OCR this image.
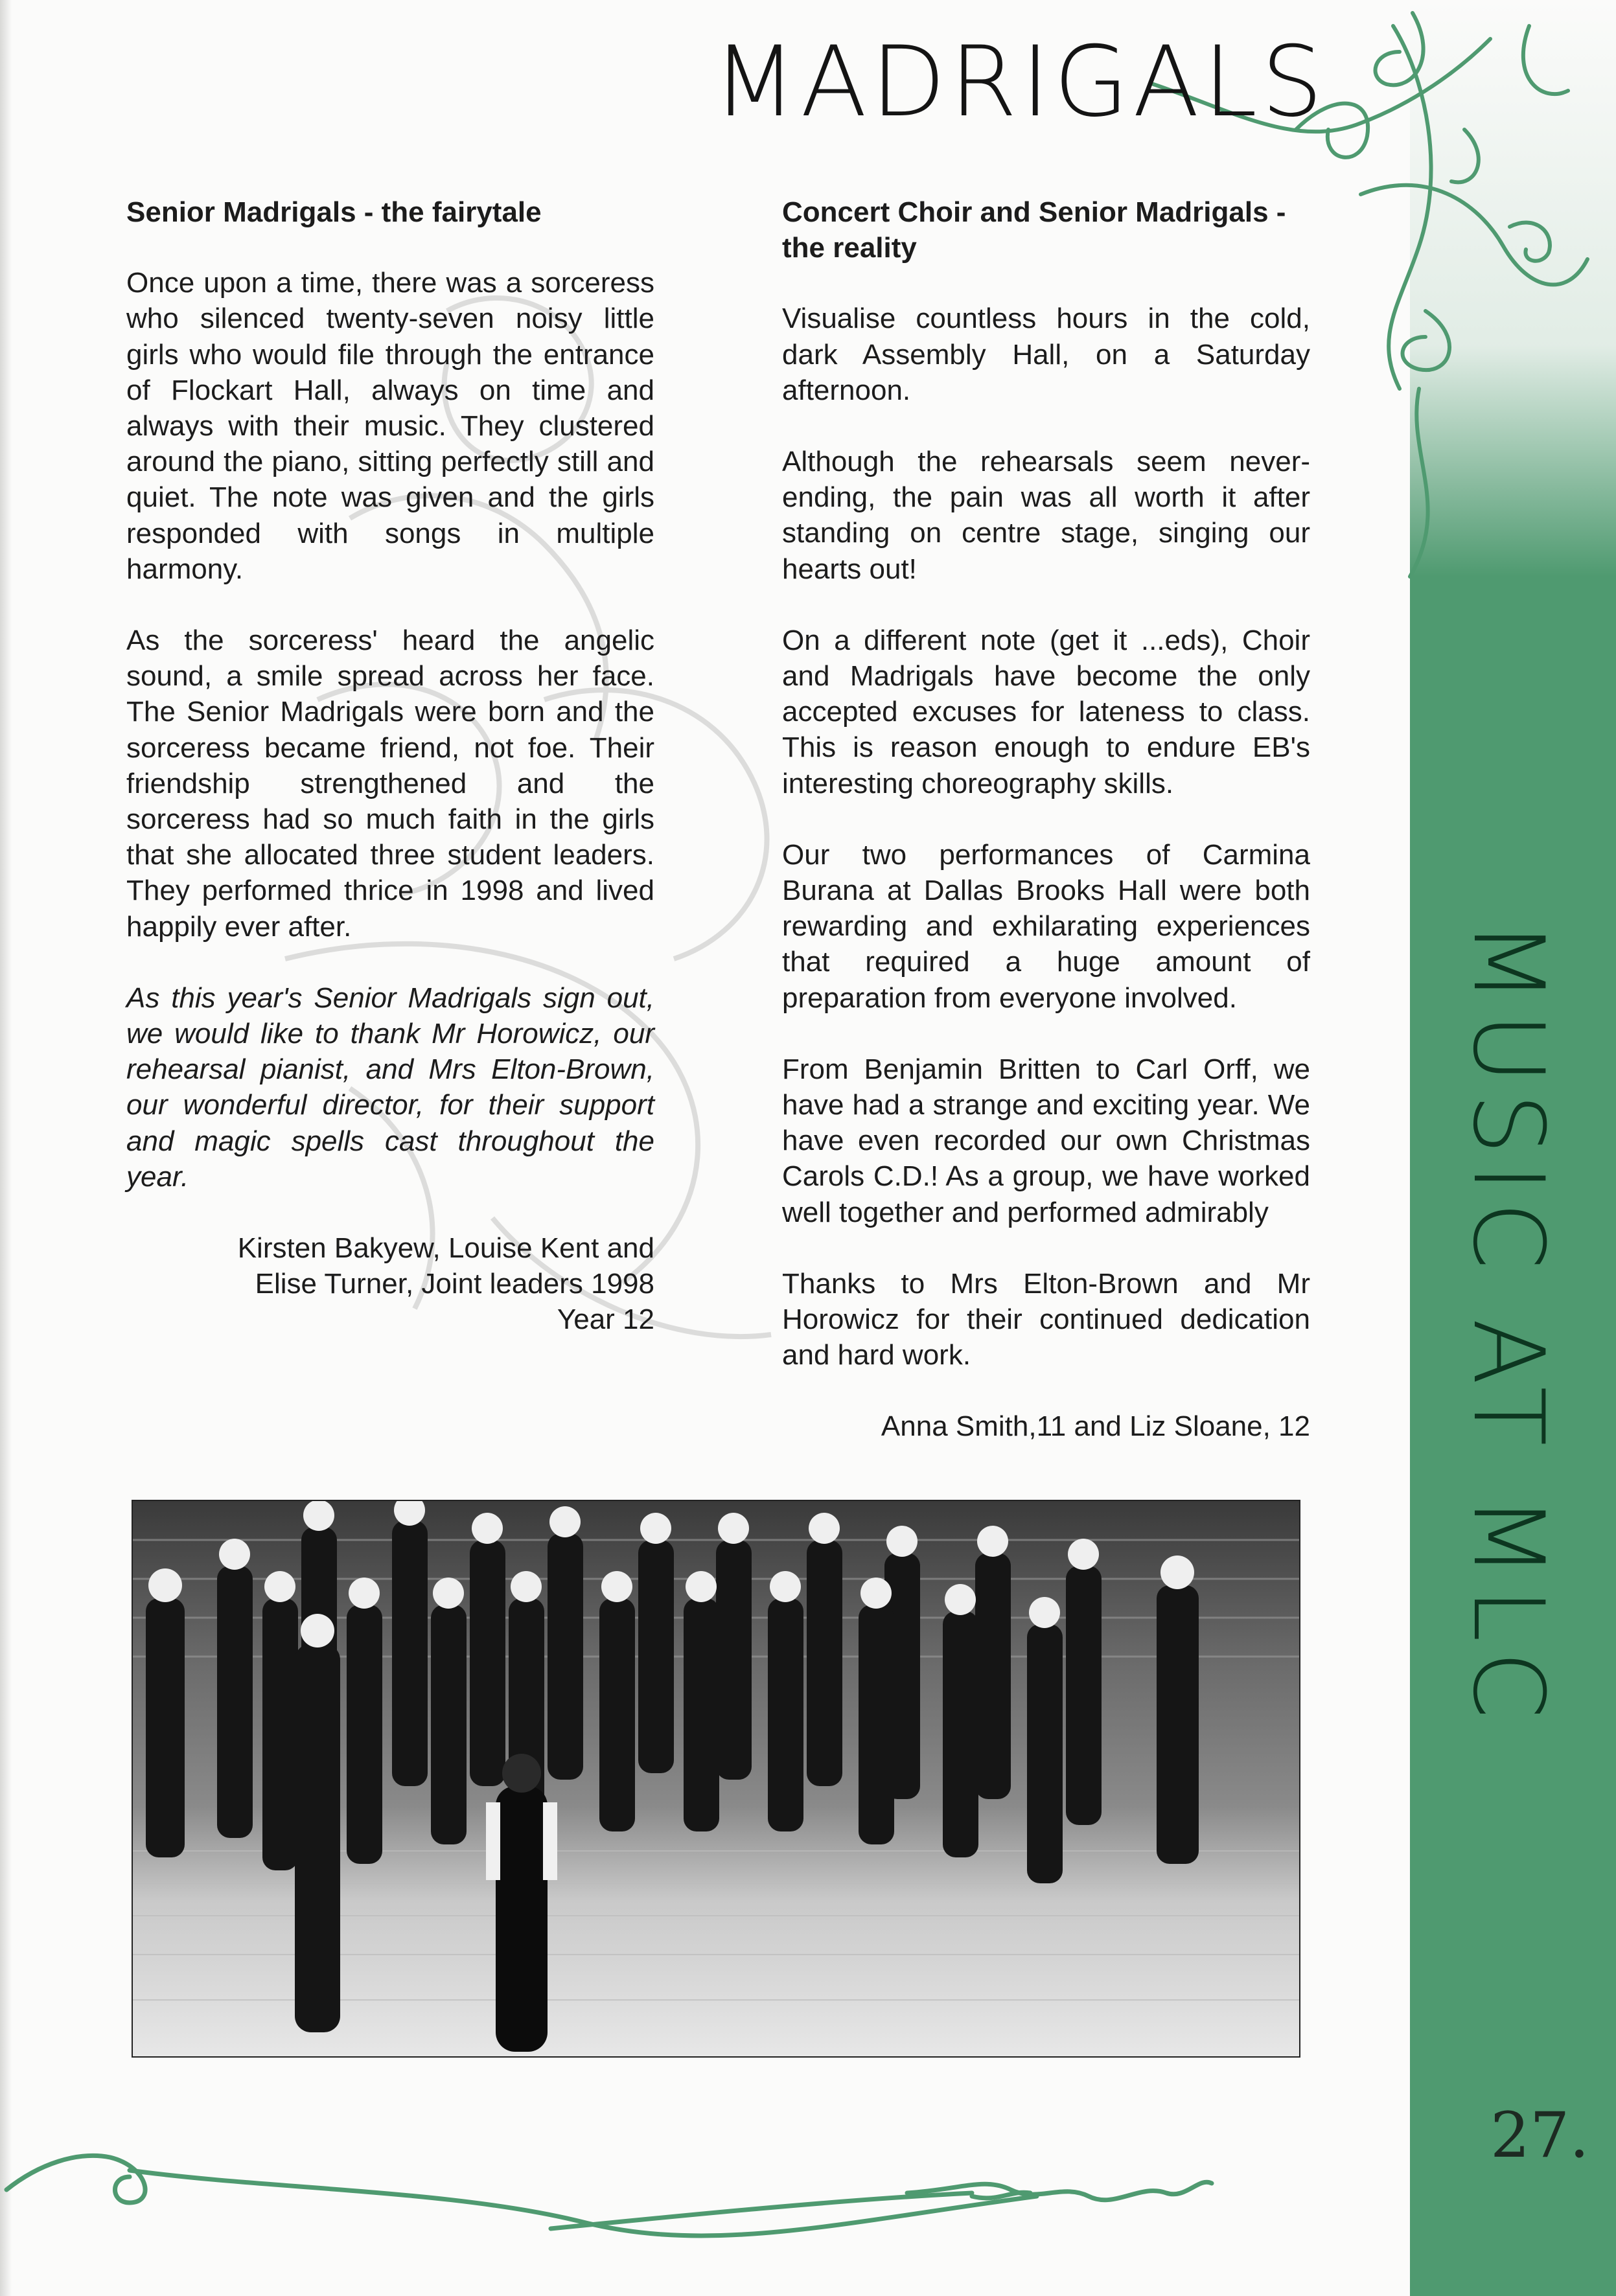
MADRIGALS
MUSIC AT MLC
27.
Senior Madrigals - the fairytale

Once upon a time, there was a sorceress who silenced twenty-seven noisy little girls who would file through the entrance of Flockart Hall, always on time and always with their music. They clustered around the piano, sitting perfectly still and quiet. The note was given and the girls responded with songs in multiple harmony.

As the sorceress' heard the angelic sound, a smile spread across her face. The Senior Madrigals were born and the sorceress became friend, not foe. Their friendship strengthened and the sorceress had so much faith in the girls that she allocated three student leaders. They performed thrice in 1998 and lived happily ever after.

As this year's Senior Madrigals sign out, we would like to thank Mr Horowicz, our rehearsal pianist, and Mrs Elton-Brown, our wonderful director, for their support and magic spells cast throughout the year.

Kirsten Bakyew, Louise Kent and
Elise Turner, Joint leaders 1998
Year 12
Concert Choir and Senior Madrigals - the reality

Visualise countless hours in the cold, dark Assembly Hall, on a Saturday afternoon.

Although the rehearsals seem never-ending, the pain was all worth it after standing on centre stage, singing our hearts out!

On a different note (get it ...eds), Choir and Madrigals have become the only accepted excuses for lateness to class. This is reason enough to endure EB's interesting choreography skills.

Our two performances of Carmina Burana at Dallas Brooks Hall were both rewarding and exhilarating experiences that required a huge amount of preparation from everyone involved.

From Benjamin Britten to Carl Orff, we have had a strange and exciting year. We have even recorded our own Christmas Carols C.D.! As a group, we have worked well together and performed admirably

Thanks to Mrs Elton-Brown and Mr Horowicz for their continued dedication and hard work.

Anna Smith,11 and Liz Sloane, 12
